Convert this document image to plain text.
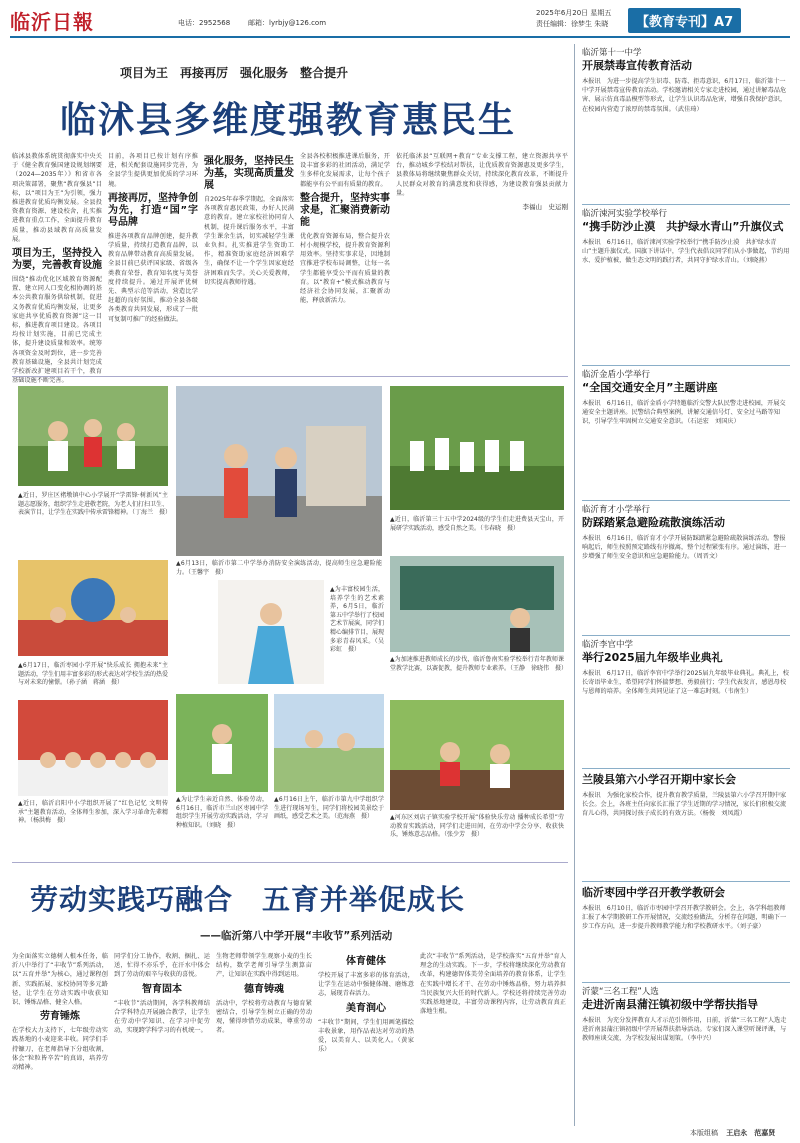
临沂日報	电话：2952568	邮箱：lyrbjy@126.com
2025年6月20日 星期五
责任编辑：徐梦生 朱晓	【教育专刊】A7
项目为王　再接再厉　强化服务　整合提升
临沭县多维度强教育惠民生
临沭县教体系统贯彻落实中央关于《健全教育强国建设规划纲要（2024—2035年）》和省市各项决策部署，聚焦“教育强县”目标，以“项目为王”为引领，强力推进教育优质均衡发展。全县投资教育资源、建设校舍，扎实推进教育重点工作，全面提升教育质量，推动县域教育高质量发展。
项目为王，坚持投入为要，完善教育设施
围绕“推动优化区域教育资源配置、建立同人口变化相协调的基本公共教育服务供给机制，促进义务教育优质均衡发展，让更多家庭共享优质教育资源”这一目标，推进教育项目建设。各项目均按计划实施，目前已完成主体，提升建设质量和效率。统筹各项资金及时到位，进一步完善教育基础设施，全县共计划完成学校新改扩建项目若干个，教育基础设施不断完善。
目前，各项目已按计划有序推进，相关配套设施同步完善，为全县学生提供更加优质的学习环境。
再接再厉，坚持争创为先，打造“国”字号品牌
推进各项教育品牌创建，提升教学质量，持续打造教育品牌，以教育品牌带动教育高质量发展。全县目前已获评国家级、省级各类教育荣誉，教育知名度与美誉度持续提升。通过开展评优树先、典型示范等活动，营造比学赶超的良好氛围，推动全县各级各类教育共同发展，形成了一批可复制可推广的经验做法。
强化服务，坚持民生为基，实现高质量发展
自2025年春季学期起，全面落实各项教育惠民政策，办好人民满意的教育。建立家校社协同育人机制，提升课后服务水平，丰富学生课余生活，切实减轻学生课业负担。扎实推进学生资助工作，精准资助家庭经济困难学生，确保不让一个学生因家庭经济困难而失学。关心关爱教师，切实提高教师待遇。
全县各校积极推进课后服务，开设丰富多彩的社团活动，满足学生多样化发展需求，让每个孩子都能享有公平而有质量的教育。
整合提升，坚持实事求是，汇聚消费新动能
优化教育资源布局，整合提升农村小规模学校，提升教育资源利用效率。坚持实事求是，因地制宜推进学校布局调整，让每一名学生都能享受公平而有质量的教育。以“教育+”模式推动教育与经济社会协同发展，汇聚新动能，释放新活力。
依托临沭县“互联网+教育”专业支撑工程，建立资源共享平台，推动城乡学校结对帮扶，让优质教育资源惠及更多学生，县教体局将继续聚焦群众关切，持续深化教育改革，不断提升人民群众对教育的满意度和获得感，为建设教育强县贡献力量。
李福山　史运刚
▲近日，罗庄区褚墩镇中心小学展开“学雷锋·树新风”主题志愿服务，组织学生走进敬老院，为老人们打扫卫生、表演节目，让学生在实践中传承雷锋精神。（丁海兰　摄）
▲6月13日，临沂市第二中学举办消防安全演练活动，提高师生应急避险能力。（王馨宇　摄）
▲近日，临沂第三十五中学2024级的学生们走进费县天宝山，开展研学实践活动，感受自然之美。（韦春晓　摄）
▲6月17日，临沂枣园小学开展“快乐成长 拥抱未来”主题活动，学生们用丰富多彩的形式表达对学校生活的热爱与对未来的憧憬。（孙子涵　蒋涵　摄）
▲为丰富校园生活，培养学生的艺术素养，6月5日，临沂第五中学举行了校园艺术节展演，同学们精心编排节目，展现多彩青春风采。（吴彩虹　摄）
▲为加速推进教师成长的步伐，临沂鲁南实验学校举行青年教师课堂教学比赛，以赛促教，提升教师专业素养。（王静　徐晓伟　摄）
▲近日，临沂启阳中小学组织开展了“红色记忆 文明传承”主题教育活动，全体师生参加，深入学习革命先辈精神。（杨洪梅　摄）
▲为让学生亲近自然、体验劳动，6月16日，临沂市兰山区枣园中学组织学生开展劳动实践活动，学习种植知识。（刘晓　摄）
▲6月16日上午，临沂市第九中学组织学生进行现场写生，同学们将校园美景绘于画纸，感受艺术之美。（范海燕　摄）	▲河东区刘店子镇实验学校开展“体验快乐劳动 播种成长希望”劳动教育实践活动，同学们走进田间，在劳动中学会分享、收获快乐，锤炼意志品格。（张少芳　摄）
劳动实践巧融合　五育并举促成长
——临沂第八中学开展“丰收节”系列活动
为全面落实立德树人根本任务，临沂八中举行了“丰收节”系列活动，以“五育并举”为核心，通过课程创新、实践拓展、家校协同等多元路径，让学生在劳动实践中收获知识、锤炼品格、健全人格。
劳育锤炼
在学校大力支持下，七年级劳动实践基地的小麦迎来丰收。同学们手持镰刀，在老师指导下分组收割，体会“粒粒皆辛苦”的真谛，培养劳动精神。
同学们分工协作，收割、捆扎、运送，忙得不亦乐乎，在汗水中体会到了劳动的艰辛与收获的喜悦。
智育固本
“丰收节”活动期间，各学科教师结合学科特点开展融合教学，让学生在劳动中学知识、在学习中促劳动，实现跨学科学习的有机统一。
生物老师带领学生观察小麦的生长结构，数学老师引导学生测算亩产，让知识在实践中得到运用。
德育铸魂
活动中，学校将劳动教育与德育紧密结合，引导学生树立正确的劳动观，懂得珍惜劳动成果，尊重劳动者。
体育健体
学校开展了丰富多彩的体育活动，让学生在运动中强健体魄、磨炼意志，展现青春活力。
美育润心
“丰收节”期间，学生们用画笔描绘丰收景象，用作品表达对劳动的热爱，以美育人、以美化人。（黄家乐）
此次“丰收节”系列活动，是学校落实“五育并举”育人理念的生动实践。下一步，学校将继续深化劳动教育改革，构建德智体美劳全面培养的教育体系，让学生在实践中增长才干、在劳动中锤炼品格，努力培养担当民族复兴大任的时代新人。学校还将持续完善劳动实践基地建设，丰富劳动课程内容，让劳动教育真正落地生根。
临沂第十一中学
开展禁毒宣传教育活动
本报讯　为进一步提高学生识毒、防毒、拒毒意识，6月17日，临沂第十一中学开展禁毒宣传教育活动。学校邀请相关专家走进校园，通过讲解毒品危害、展示仿真毒品模型等形式，让学生认识毒品危害，增强自我保护意识，在校园内营造了浓厚的禁毒氛围。（武佳琦）
临沂涑河实验学校举行
“携手防沙止漠　共护绿水青山”升旗仪式
本报讯　6月16日，临沂涑河实验学校举行“携手防沙止漠　共护绿水青山”主题升旗仪式。国旗下讲话中，学生代表倡议同学们从小事做起，节约用水、爱护植被，做生态文明的践行者，共同守护绿水青山。（刘晓燕）
临沂金盾小学举行
“全国交通安全月”主题讲座
本报讯　6月16日，临沂金盾小学特邀临沂交警大队民警走进校园，开展交通安全主题讲座。民警结合典型案例，讲解交通信号灯、安全过马路等知识，引导学生牢固树立交通安全意识。（石运宏　刘国庆）
临沂育才小学举行
防踩踏紧急避险疏散演练活动
本报讯　6月16日，临沂育才小学开展防踩踏紧急避险疏散演练活动。警报响起后，师生按照预定路线有序撤离，整个过程紧张有序。通过演练，进一步增强了师生安全意识和应急避险能力。（周晋文）
临沂李官中学
举行2025届九年级毕业典礼
本报讯　6月17日，临沂李官中学举行2025届九年级毕业典礼。典礼上，校长寄语毕业生，希望同学们怀揣梦想、勇毅前行；学生代表发言，感恩母校与恩师的培养。全体师生共同见证了这一难忘时刻。（韦南生）
兰陵县第六小学召开期中家长会
本报讯　为强化家校合作，提升教育教学质量，兰陵县第六小学召开期中家长会。会上，各班主任向家长汇报了学生近期的学习情况，家长们积极交流育儿心得，共同探讨孩子成长的有效方法。（杨俊　刘凤霞）
临沂枣园中学召开教学教研会
本报讯　6月10日，临沂市枣园中学召开教学教研会。会上，各学科组教师汇报了本学期教研工作开展情况，交流经验做法，分析存在问题，明确下一步工作方向，进一步提升教师教学能力和学校教研水平。（刘子豪）
沂蒙“三名工程”人选
走进沂南县蒲汪镇初级中学帮扶指导
本报讯　为充分发挥教育人才示范引领作用，日前，沂蒙“三名工程”人选走进沂南县蒲汪镇初级中学开展帮扶指导活动。专家们深入课堂听课评课，与教师座谈交流，为学校发展出谋划策。（李中兴）
本版组稿 王启永　范嘉贤
